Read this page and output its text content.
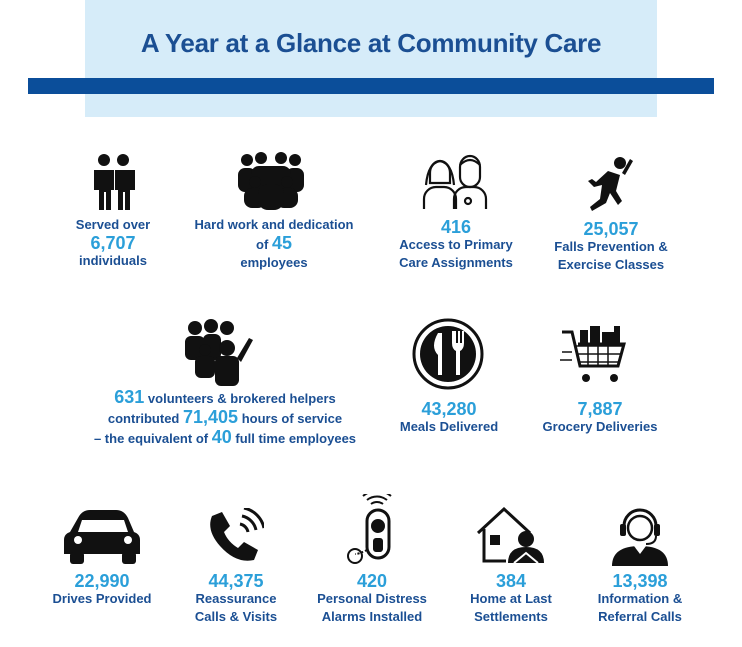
A Year at a Glance at Community Care
Served over
6,707
individuals
Hard work and dedication
of 45
employees
416
Access to Primary
Care Assignments
25,057
Falls Prevention &
Exercise Classes
631 volunteers & brokered helpers
contributed 71,405 hours of service
– the equivalent of 40 full time employees
43,280
Meals Delivered
7,887
Grocery Deliveries
22,990
Drives Provided
44,375
Reassurance
Calls & Visits
420
Personal Distress
Alarms Installed
384
Home at Last
Settlements
13,398
Information &
Referral Calls
